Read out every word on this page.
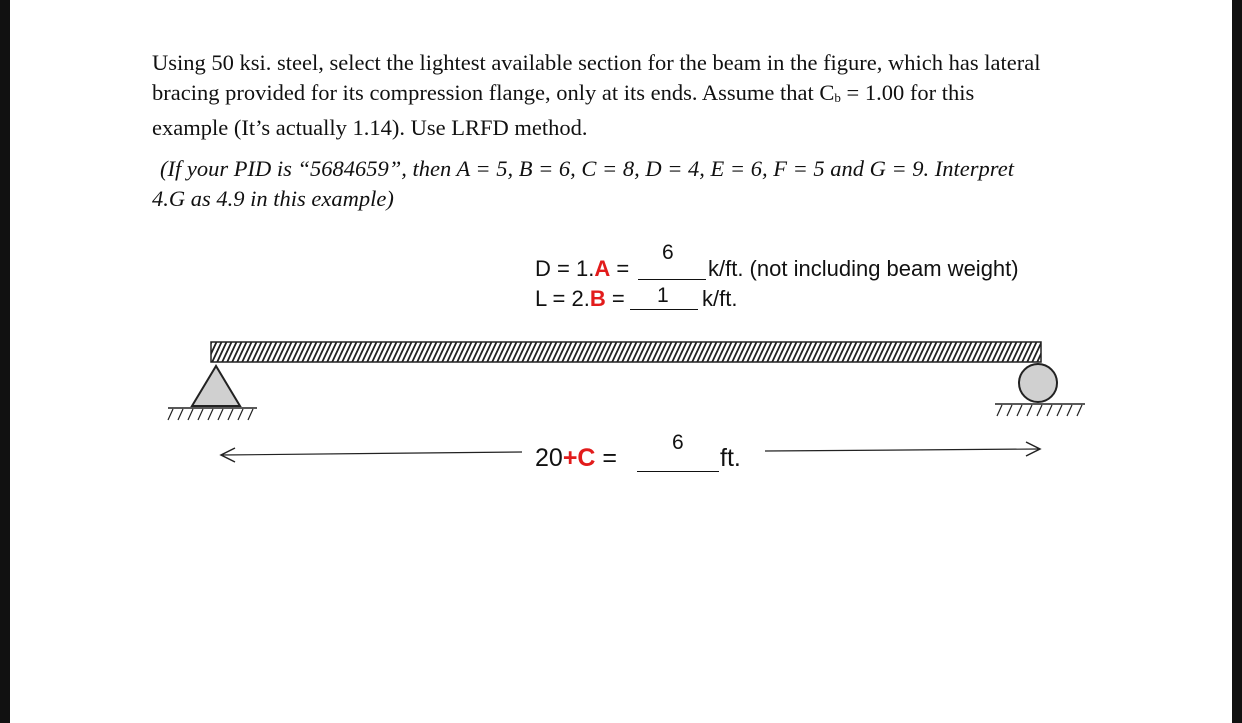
Using 50 ksi. steel, select the lightest available section for the beam in the figure, which has lateral
bracing provided for its compression flange, only at its ends. Assume that Cb = 1.00 for this
example (It’s actually 1.14). Use LRFD method.
(If your PID is “5684659”, then A = 5, B = 6, C = 8, D = 4, E = 6, F = 5 and G = 9. Interpret
4.G as 4.9 in this example)
D = 1.A =
6
k/ft. (not including beam weight)
L = 2.B = 1 k/ft.
20+C =
6
ft.
